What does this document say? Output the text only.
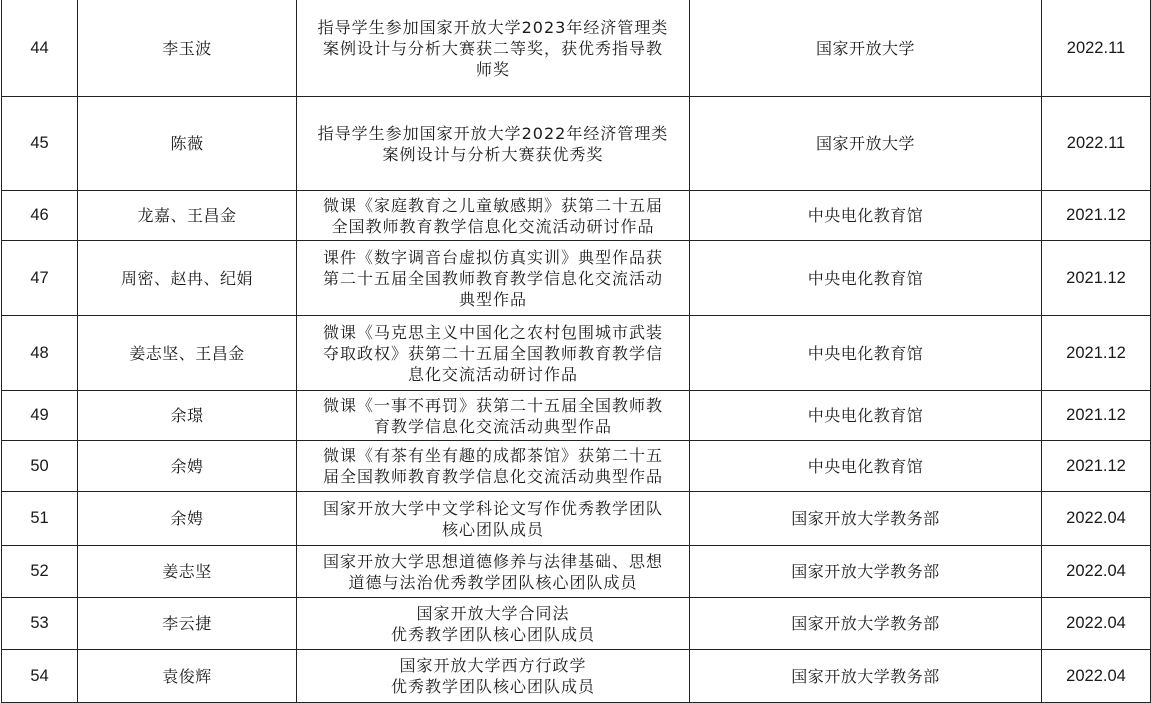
44	李玉波	指导学生参加国家开放大学2023年经济管理类
案例设计与分析大赛获二等奖，获优秀指导教
师奖	国家开放大学	2022.11
45	陈薇	指导学生参加国家开放大学2022年经济管理类
案例设计与分析大赛获优秀奖	国家开放大学	2022.11
46	龙嘉、王昌金	微课《家庭教育之儿童敏感期》获第二十五届
全国教师教育教学信息化交流活动研讨作品	中央电化教育馆	2021.12
47	周密、赵冉、纪娟	课件《数字调音台虚拟仿真实训》典型作品获
第二十五届全国教师教育教学信息化交流活动
典型作品	中央电化教育馆	2021.12
48	姜志坚、王昌金	微课《马克思主义中国化之农村包围城市武装
夺取政权》获第二十五届全国教师教育教学信
息化交流活动研讨作品	中央电化教育馆	2021.12
49	余璟	微课《一事不再罚》获第二十五届全国教师教
育教学信息化交流活动典型作品	中央电化教育馆	2021.12
50	余娉	微课《有茶有坐有趣的成都茶馆》获第二十五
届全国教师教育教学信息化交流活动典型作品	中央电化教育馆	2021.12
51	余娉	国家开放大学中文学科论文写作优秀教学团队
核心团队成员	国家开放大学教务部	2022.04
52	姜志坚	国家开放大学思想道德修养与法律基础、思想
道德与法治优秀教学团队核心团队成员	国家开放大学教务部	2022.04
53	李云捷	国家开放大学合同法
优秀教学团队核心团队成员	国家开放大学教务部	2022.04
54	袁俊辉	国家开放大学西方行政学
优秀教学团队核心团队成员	国家开放大学教务部	2022.04
